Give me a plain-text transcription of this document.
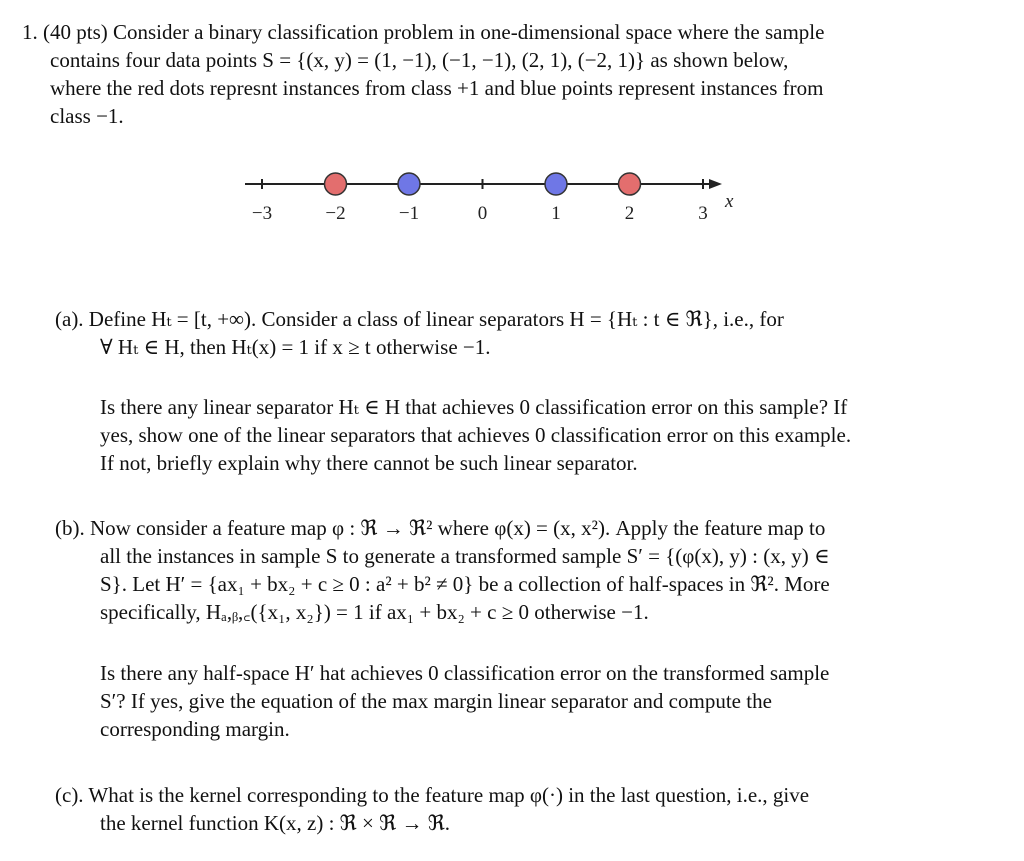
1. (40 pts) Consider a binary classification problem in one-dimensional space where the sample
contains four data points S = {(x, y) = (1, −1), (−1, −1), (2, 1), (−2, 1)} as shown below,
where the red dots represnt instances from class +1 and blue points represent instances from
class −1.
x
−3	−2	−1	0	1	2	3
(a). Define Hₜ = [t, +∞). Consider a class of linear separators H = {Hₜ : t ∈ ℜ}, i.e., for
∀ Hₜ ∈ H, then Hₜ(x) = 1 if x ≥ t otherwise −1.
Is there any linear separator Hₜ ∈ H that achieves 0 classification error on this sample? If
yes, show one of the linear separators that achieves 0 classification error on this example.
If not, briefly explain why there cannot be such linear separator.
(b). Now consider a feature map φ : ℜ → ℜ² where φ(x) = (x, x²). Apply the feature map to
all the instances in sample S to generate a transformed sample S′ = {(φ(x), y) : (x, y) ∈
S}. Let H′ = {ax₁ + bx₂ + c ≥ 0 : a² + b² ≠ 0} be a collection of half-spaces in ℜ². More
specifically, Hₐ,ᵦ,꜀({x₁, x₂}) = 1 if ax₁ + bx₂ + c ≥ 0 otherwise −1.
Is there any half-space H′ hat achieves 0 classification error on the transformed sample
S′? If yes, give the equation of the max margin linear separator and compute the
corresponding margin.
(c). What is the kernel corresponding to the feature map φ(·) in the last question, i.e., give
the kernel function K(x, z) : ℜ × ℜ → ℜ.
